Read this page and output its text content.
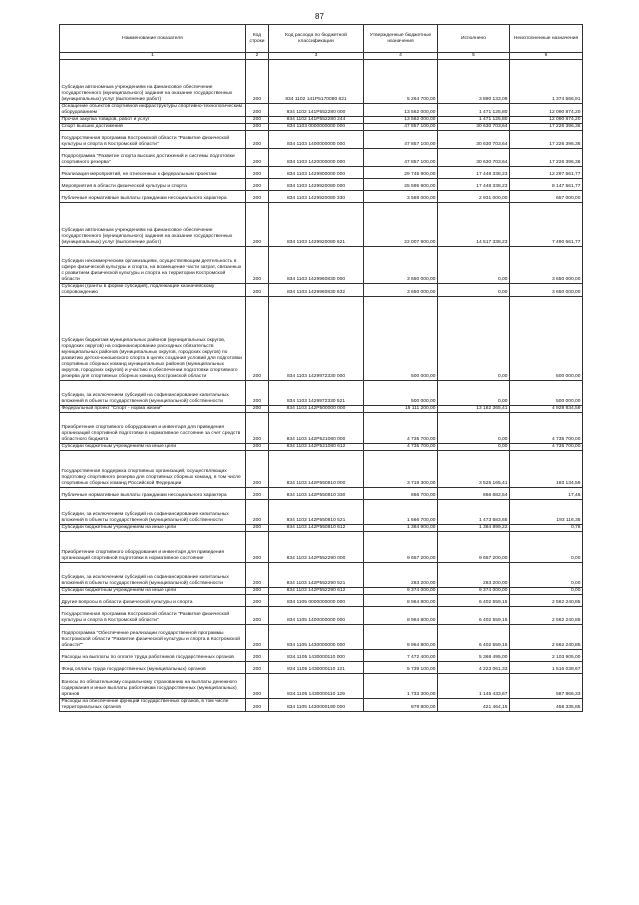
87
Наименование показателя	Код строки	Код расхода по бюджетной классификации	Утвержденные бюджетные назначения	Исполнено	Неисполненные назначения
1	2	3	4	5	6
Субсидии автономным учреждениям на финансовое обеспечение государственного (муниципального) задания на оказание государственных (муниципальных) услуг (выполнение работ)	200	834 1102 141P5170080 621	5 264 700,00	3 890 133,09	1 374 566,91
Оснащение объектов спортивной инфраструктуры спортивно-технологическим оборудованием	200	834 1102 141P552280 000	13 562 000,00	1 471 125,80	12 090 874,20
Прочая закупка товаров, работ и услуг	200	834 1102 141P552280 244	13 562 000,00	1 471 125,80	12 090 874,20
Спорт высших достижений	200	834 1103 0000000000 000	47 857 100,00	30 630 703,64	17 226 396,36
Государственная программа Костромской области "Развитие физической культуры и спорта в Костромской области"	200	834 1103 1400000000 000	47 857 100,00	30 630 703,64	17 226 396,36
Подпрограмма "Развитие спорта высших достижений и системы подготовки спортивного резерва"	200	834 1103 1420000000 000	47 857 100,00	30 630 703,64	17 226 396,36
Реализация мероприятий, не отнесенных к федеральным проектам	200	834 1103 1429900000 000	29 745 900,00	17 448 338,23	12 297 561,77
Мероприятия в области физической культуры и спорта	200	834 1103 1429920080 000	25 595 900,00	17 448 338,23	8 147 561,77
Публичные нормативные выплаты гражданам несоциального характера	200	834 1103 1429920080 330	3 588 000,00	2 931 000,00	657 000,00
Субсидии автономным учреждениям на финансовое обеспечение государственного (муниципального) задания на оказание государственных (муниципальных) услуг (выполнение работ)	200	834 1103 1429920080 621	22 007 900,00	14 517 338,23	7 490 561,77
Субсидии некоммерческим организациям, осуществляющим деятельность в сфере физической культуры и спорта, на возмещение части затрат, связанных с развитием физической культуры и спорта на территории Костромской области	200	834 1103 1429960830 000	3 650 000,00	0,00	3 650 000,00
Субсидии (гранты в форме субсидий), подлежащие казначейскому сопровождению	200	834 1103 1429960830 632	3 650 000,00	0,00	3 650 000,00
Субсидии бюджетам муниципальных районов (муниципальных округов, городских округов) на софинансирование расходных обязательств муниципальных районов (муниципальных округов, городских округов) по развитию детско-юношеского спорта в целях создания условий для подготовки спортивных сборных команд муниципальных районов (муниципальных округов, городских округов) и участию в обеспечении подготовки спортивного резерва для спортивных сборных команд Костромской области	200	834 1103 1429972330 000	500 000,00	0,00	500 000,00
Субсидии, за исключением субсидий на софинансирование капитальных вложений в объекты государственной (муниципальной) собственности	200	834 1103 1429972330 521	500 000,00	0,00	500 000,00
Федеральный проект "Спорт - норма жизни"	200	834 1103 142P500000 000	18 111 200,00	13 182 365,41	4 928 834,59
Приобретение спортивного оборудования и инвентаря для приведения организаций спортивной подготовки в нормативное состояние за счет средств областного бюджета	200	834 1103 142P521080 000	4 735 700,00	0,00	4 735 700,00
Субсидии бюджетным учреждениям на иные цели	200	834 1103 142P521080 612	4 735 700,00	0,00	4 735 700,00
Государственная поддержка спортивных организаций, осуществляющих подготовку спортивного резерва для спортивных сборных команд, в том числе спортивных сборных команд Российской Федерации	200	834 1103 142P550810 000	3 718 300,00	3 525 165,41	193 134,59
Публичные нормативные выплаты гражданам несоциального характера	200	834 1103 142P550810 330	666 700,00	666 682,54	17,46
Субсидии, за исключением субсидий на софинансирование капитальных вложений в объекты государственной (муниципальной) собственности	200	834 1103 142P550810 521	1 666 700,00	1 473 583,65	193 116,35
Субсидии бюджетным учреждениям на иные цели	200	834 1103 142P550810 612	1 384 900,00	1 384 899,22	0,78
Приобретение спортивного оборудования и инвентаря для приведения организаций спортивной подготовки в нормативное состояние	200	834 1103 142P552290 000	9 657 200,00	9 657 200,00	0,00
Субсидии, за исключением субсидий на софинансирование капитальных вложений в объекты государственной (муниципальной) собственности	200	834 1103 142P552290 521	283 200,00	283 200,00	0,00
Субсидии бюджетным учреждениям на иные цели	200	834 1103 142P552290 612	9 374 000,00	9 374 000,00	0,00
Другие вопросы в области физической культуры и спорта	200	834 1105 0000000000 000	8 964 800,00	6 402 559,15	2 562 240,85
Государственная программа Костромской области "Развитие физической культуры и спорта в Костромской области"	200	834 1105 1400000000 000	8 964 800,00	6 402 559,15	2 562 240,85
Подпрограмма "Обеспечение реализации государственной программы Костромской области "Развитие физической культуры и спорта в Костромской области""	200	834 1105 1430000000 000	8 964 800,00	6 402 559,15	2 562 240,85
Расходы на выплаты по оплате труда работников государственных органов	200	834 1105 1430000110 000	7 472 400,00	5 368 495,00	2 103 905,00
Фонд оплаты труда государственных (муниципальных) органов	200	834 1105 1430000110 121	5 739 100,00	4 223 061,33	1 516 038,67
Взносы по обязательному социальному страхованию на выплаты денежного содержания и иные выплаты работникам государственных (муниципальных) органов	200	834 1105 1430000110 129	1 733 300,00	1 145 433,67	587 866,33
Расходы на обеспечение функций государственных органов, в том числе территориальных органов	200	834 1105 1430000190 000	879 800,00	421 464,15	458 335,85
